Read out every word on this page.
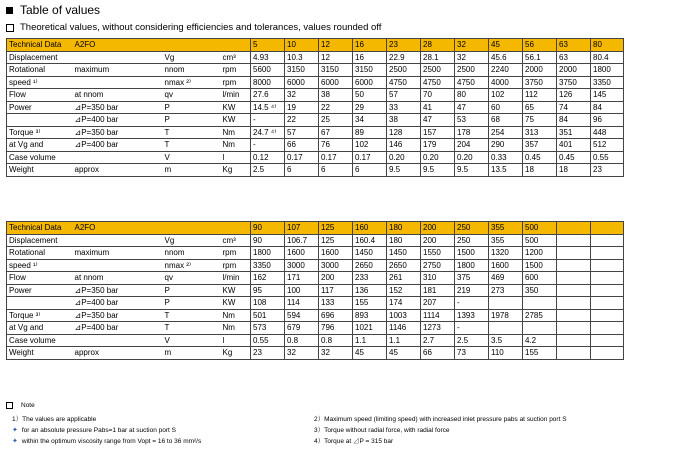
Table of values
Theoretical values, without considering efficiencies and tolerances, values rounded off
Technical Data	A2FO			5	10	12	16	23	28	32	45	56	63	80
Displacement		Vg	cm³	4.93	10.3	12	16	22.9	28.1	32	45.6	56.1	63	80.4
Rotational	maximum	nnom	rpm	5600	3150	3150	3150	2500	2500	2500	2240	2000	2000	1800
speed ¹⁾		nmax ²⁾	rpm	8000	6000	6000	6000	4750	4750	4750	4000	3750	3750	3350
Flow	at nnom	qv	l/min	27.6	32	38	50	57	70	80	102	112	126	145
Power	⊿P=350 bar	P	KW	14.5 ⁴⁾	19	22	29	33	41	47	60	65	74	84
	⊿P=400 bar	P	KW	-	22	25	34	38	47	53	68	75	84	96
Torque ³⁾	⊿P=350 bar	T	Nm	24.7 ⁴⁾	57	67	89	128	157	178	254	313	351	448
at Vg and	⊿P=400 bar	T	Nm	-	66	76	102	146	179	204	290	357	401	512
Case volume		V	l	0.12	0.17	0.17	0.17	0.20	0.20	0.20	0.33	0.45	0.45	0.55
Weight	approx	m	Kg	2.5	6	6	6	9.5	9.5	9.5	13.5	18	18	23
Technical Data	A2FO			90	107	125	160	180	200	250	355	500		
Displacement		Vg	cm³	90	106.7	125	160.4	180	200	250	355	500		
Rotational	maximum	nnom	rpm	1800	1600	1600	1450	1450	1550	1500	1320	1200		
speed ¹⁾		nmax ²⁾	rpm	3350	3000	3000	2650	2650	2750	1800	1600	1500		
Flow	at nnom	qv	l/min	162	171	200	233	261	310	375	469	600		
Power	⊿P=350 bar	P	KW	95	100	117	136	152	181	219	273	350		
	⊿P=400 bar	P	KW	108	114	133	155	174	207	-				
Torque ³⁾	⊿P=350 bar	T	Nm	501	594	696	893	1003	1114	1393	1978	2785		
at Vg and	⊿P=400 bar	T	Nm	573	679	796	1021	1146	1273	-				
Case volume		V	l	0.55	0.8	0.8	1.1	1.1	2.7	2.5	3.5	4.2		
Weight	approx	m	Kg	23	32	32	45	45	66	73	110	155		
Note
1）The values are applicable	2）Maximum speed (limiting speed) with increased inlet pressure pabs at suction port S
✦ for an absolute pressure Pabs=1 bar at suction port S	3）Torque without radial force, with radial force
✦ within the optimum viscosity range from Vopt = 16 to 36 mm²/s	4）Torque at ⊿P = 315 bar
